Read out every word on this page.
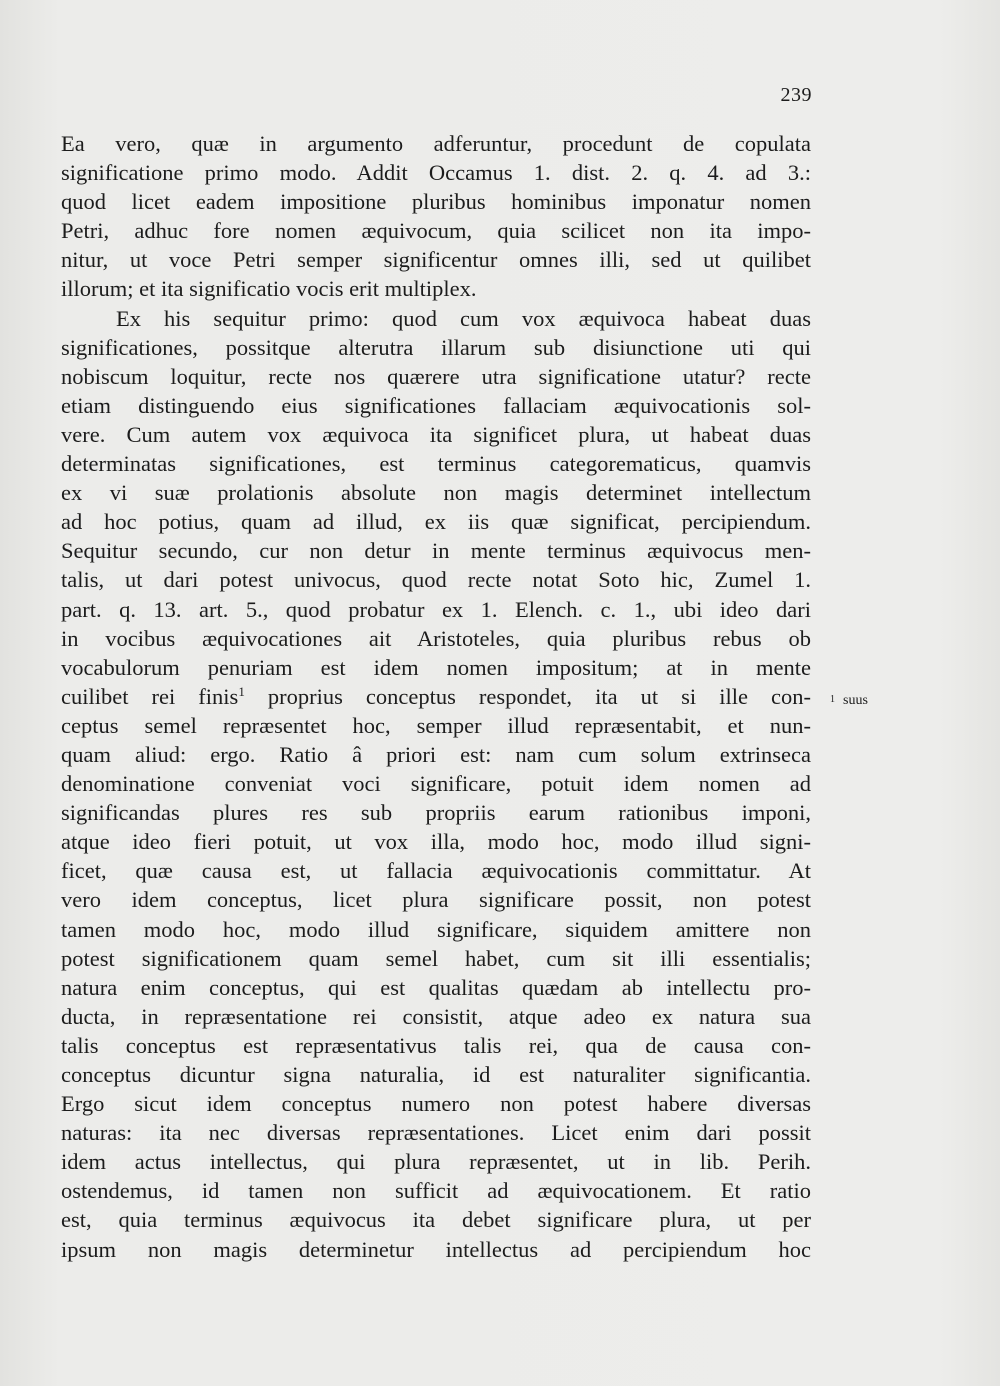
239
Ea vero, quæ in argumento adferuntur, procedunt de copulata
significatione primo modo. Addit Occamus 1. dist. 2. q. 4. ad 3.:
quod licet eadem impositione pluribus hominibus imponatur nomen
Petri, adhuc fore nomen æquivocum, quia scilicet non ita impo-
nitur, ut voce Petri semper significentur omnes illi, sed ut quilibet
illorum; et ita significatio vocis erit multiplex.
Ex his sequitur primo: quod cum vox æquivoca habeat duas
significationes, possitque alterutra illarum sub disiunctione uti qui
nobiscum loquitur, recte nos quærere utra significatione utatur? recte
etiam distinguendo eius significationes fallaciam æquivocationis sol-
vere. Cum autem vox æquivoca ita significet plura, ut habeat duas
determinatas significationes, est terminus categorematicus, quamvis
ex vi suæ prolationis absolute non magis determinet intellectum
ad hoc potius, quam ad illud, ex iis quæ significat, percipiendum.
Sequitur secundo, cur non detur in mente terminus æquivocus men-
talis, ut dari potest univocus, quod recte notat Soto hic, Zumel 1.
part. q. 13. art. 5., quod probatur ex 1. Elench. c. 1., ubi ideo dari
in vocibus æquivocationes ait Aristoteles, quia pluribus rebus ob
vocabulorum penuriam est idem nomen impositum; at in mente
cuilibet rei finis$^1$ proprius conceptus respondet, ita ut si ille con-
ceptus semel repræsentet hoc, semper illud repræsentabit, et nun-
quam aliud: ergo. Ratio â priori est: nam cum solum extrinseca
denominatione conveniat voci significare, potuit idem nomen ad
significandas plures res sub propriis earum rationibus imponi,
atque ideo fieri potuit, ut vox illa, modo hoc, modo illud signi-
ficet, quæ causa est, ut fallacia æquivocationis committatur. At
vero idem conceptus, licet plura significare possit, non potest
tamen modo hoc, modo illud significare, siquidem amittere non
potest significationem quam semel habet, cum sit illi essentialis;
natura enim conceptus, qui est qualitas quædam ab intellectu pro-
ducta, in repræsentatione rei consistit, atque adeo ex natura sua
talis conceptus est repræsentativus talis rei, qua de causa con-
conceptus dicuntur signa naturalia, id est naturaliter significantia.
Ergo sicut idem conceptus numero non potest habere diversas
naturas: ita nec diversas repræsentationes. Licet enim dari possit
idem actus intellectus, qui plura repræsentet, ut in lib. Perih.
ostendemus, id tamen non sufficit ad æquivocationem. Et ratio
est, quia terminus æquivocus ita debet significare plura, ut per
ipsum non magis determinetur intellectus ad percipiendum hoc
1 suus
